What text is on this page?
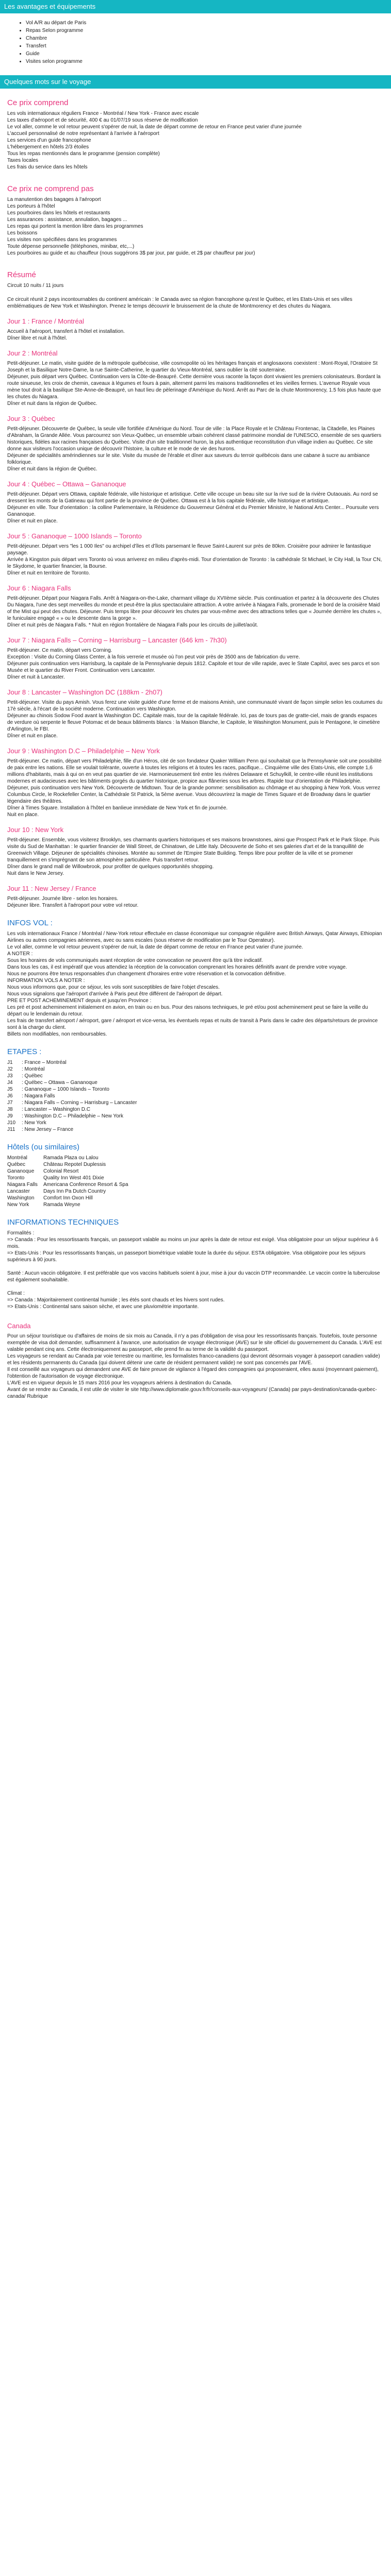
Les avantages et équipements
• Vol A/R au départ de Paris
• Repas Selon programme
• Chambre
• Transfert
• Guide
• Visites selon programme
Quelques mots sur le voyage
Ce prix comprend

Les vols internationaux réguliers France - Montréal / New York - France avec escale

Les taxes d'aéroport et de sécurité, 400 € au 01/07/19 sous réserve de modification

Le vol aller, comme le vol retour peuvent s'opérer de nuit, la date de départ comme de retour en France peut varier d'une journée

L'accueil personnalisé de notre représentant à l'arrivée à l'aéroport

Les services d'un guide francophone

L'hébergement en hôtels 2/3 étoiles

Tous les repas mentionnés dans le programme (pension complète)

Taxes locales

Les frais du service dans les hôtels

Ce prix ne comprend pas

La manutention des bagages à l'aéroport

Les porteurs à l'hôtel

Les pourboires dans les hôtels et restaurants

Les assurances : assistance, annulation, bagages ...

Les repas qui portent la mention libre dans les programmes

Les boissons

Les visites non spécifiées dans les programmes

Toute dépense personnelle (téléphones, minibar, etc,...)

Les pourboires au guide et au chauffeur (nous suggérons 3$ par jour, par guide, et 2$ par chauffeur par jour)

Résumé

Circuit 10 nuits / 11 jours

Ce circuit réunit 2 pays incontournables du continent américain : le Canada avec sa région francophone qu'est le Québec, et les Etats-Unis et ses villes emblématiques de New York et Washington. Prenez le temps découvrir le bruissement de la chute de Montmorency et des chutes du Niagara.

Jour 1 : France / Montréal

Accueil à l'aéroport, transfert à l'hôtel et installation.

Dîner libre et nuit à l'hôtel.

Jour 2 : Montréal

Petit-déjeuner. Le matin, visite guidée de la métropole québécoise, ville cosmopolite où les héritages français et anglosaxons coexistent : Mont-Royal, l'Oratoire St Joseph et la Basilique Notre-Dame, la rue Sainte-Catherine, le quartier du Vieux-Montréal, sans oublier la cité souterraine.

Déjeuner, puis départ vers Québec. Continuation vers la Côte-de-Beaupré. Cette dernière vous raconte la façon dont vivaient les premiers colonisateurs. Bordant la route sinueuse, les croix de chemin, caveaux à légumes et fours à pain, alternent parmi les maisons traditionnelles et les vieilles fermes. L'avenue Royale vous mène tout droit à la basilique Ste-Anne-de-Beaupré, un haut lieu de pèlerinage d'Amérique du Nord. Arrêt au Parc de la chute Montmorency, 1.5 fois plus haute que les chutes du Niagara.

Dîner et nuit dans la région de Québec.

Jour 3 : Québec

Petit-déjeuner. Découverte de Québec, la seule ville fortifiée d'Amérique du Nord. Tour de ville : la Place Royale et le Château Frontenac, la Citadelle, les Plaines d'Abraham, la Grande Allée. Vous parcourrez son Vieux-Québec, un ensemble urbain cohérent classé patrimoine mondial de l'UNESCO, ensemble de ses quartiers historiques, fidèles aux racines françaises du Québec. Visite d'un site traditionnel huron, la plus authentique reconstitution d'un village indien au Québec. Ce site donne aux visiteurs l'occasion unique de découvrir l'histoire, la culture et le mode de vie des hurons.

Déjeuner de spécialités amérindiennes sur le site. Visite du musée de l'érable et dîner aux saveurs du terroir québécois dans une cabane à sucre au ambiance folklorique.

Dîner et nuit dans la région de Québec.

Jour 4 : Québec – Ottawa – Gananoque

Petit-déjeuner. Départ vers Ottawa, capitale fédérale, ville historique et artistique. Cette ville occupe un beau site sur la rive sud de la rivière Outaouais. Au nord se dressent les monts de la Gatineau qui font partie de la province de Québec. Ottawa est à la fois capitale fédérale, ville historique et artistique.

Déjeuner en ville. Tour d'orientation : la colline Parlementaire, la Résidence du Gouverneur Général et du Premier Ministre, le National Arts Center... Poursuite vers Gananoque.

Dîner et nuit en place.

Jour 5 : Gananoque – 1000 Islands – Toronto

Petit-déjeuner. Départ vers "les 1 000 Iles" ou archipel d'îles et d'îlots parsemant le fleuve Saint-Laurent sur près de 80km. Croisière pour admirer le fantastique paysage.

Arrivée à Kingston puis départ vers Toronto où vous arriverez en milieu d'après-midi. Tour d'orientation de Toronto : la cathédrale St Michael, le City Hall, la Tour CN, le Skydome, le quartier financier, la Bourse.

Dîner et nuit en territoire de Toronto.

Jour 6 : Niagara Falls

Petit-déjeuner. Départ pour Niagara Falls. Arrêt à Niagara-on-the-Lake, charmant village du XVIIème siècle. Puis continuation et partez à la découverte des Chutes Du Niagara, l'une des sept merveilles du monde et peut-être la plus spectaculaire attraction. A votre arrivée à Niagara Falls, promenade le bord de la croisière Maid of the Mist qui peut des chutes. Déjeuner. Puis temps libre pour découvrir les chutes par vous-même avec des attractions telles que « Journée derrière les chutes », le funiculaire engagé « » ou le descente dans la gorge ».

Dîner et nuit près de Niagara Falls. * Nuit en région frontalière de Niagara Falls pour les circuits de juillet/août.

Jour 7 : Niagara Falls – Corning – Harrisburg – Lancaster (646 km - 7h30)

Petit-déjeuner. Ce matin, départ vers Corning.

Exception : Visite du Corning Glass Center, à la fois verrerie et musée où l'on peut voir près de 3500 ans de fabrication du verre.

Déjeuner puis continuation vers Harrisburg, la capitale de la Pennsylvanie depuis 1812. Capitole et tour de ville rapide, avec le State Capitol, avec ses parcs et son Musée et le quartier du River Front. Continuation vers Lancaster.

Dîner et nuit à Lancaster.

Jour 8 : Lancaster – Washington DC (188km - 2h07)

Petit-déjeuner. Visite du pays Amish. Vous ferez une visite guidée d'une ferme et de maisons Amish, une communauté vivant de façon simple selon les coutumes du 17è siècle, à l'écart de la société moderne. Continuation vers Washington.

Déjeuner au chinois Sodow Food avant la Washington DC. Capitale mais, tour de la capitale fédérale. Ici, pas de tours pas de gratte-ciel, mais de grands espaces de verdure où serpente le fleuve Potomac et de beaux bâtiments blancs : la Maison Blanche, le Capitole, le Washington Monument, puis le Pentagone, le cimetière d'Arlington, le FBI.

Dîner et nuit en place.

Jour 9 : Washington D.C – Philadelphie – New York

Petit-déjeuner. Ce matin, départ vers Philadelphie, fille d'un Héros, cité de son fondateur Quaker William Penn qui souhaitait que la Pennsylvanie soit une possibilité de paix entre les nations. Elle se voulait tolérante, ouverte à toutes les religions et à toutes les races, pacifique... Cinquième ville des Etats-Unis, elle compte 1,6 millions d'habitants, mais à qui on en veut pas quartier de vie. Harmonieusement tiré entre les rivières Delaware et Schuylkill, le centre-ville réunit les institutions modernes et audacieuses avec les bâtiments gorgés du quartier historique, propice aux flâneries sous les arbres. Rapide tour d'orientation de Philadelphie. Déjeuner, puis continuation vers New York. Découverte de Midtown. Tour de la grande pomme: sensibilisation au chômage et au shopping à New York. Vous verrez Columbus Circle, le Rockefeller Center, la Cathédrale St Patrick, la 5ème avenue. Vous découvrirez la magie de Times Square et de Broadway dans le quartier légendaire des théâtres.

Dîner à Times Square. Installation à l'hôtel en banlieue immédiate de New York et fin de journée.

Nuit en place.

Jour 10 : New York

Petit-déjeuner. Ensemble, vous visiterez Brooklyn, ses charmants quartiers historiques et ses maisons brownstones, ainsi que Prospect Park et le Park Slope. Puis visite du Sud de Manhattan : le quartier financier de Wall Street, de Chinatown, de Little Italy. Découverte de Soho et ses galeries d'art et de la tranquillité de Greenwich Village. Déjeuner de spécialités chinoises. Montée au sommet de l'Empire State Building. Temps libre pour profiter de la ville et se promener tranquillement en s'imprégnant de son atmosphère particulière. Puis transfert retour.

Dîner dans le grand mall de Willowbrook, pour profiter de quelques opportunités shopping.

Nuit dans le New Jersey.

Jour 11 : New Jersey / France

Petit-déjeuner. Journée libre - selon les horaires.

Déjeuner libre. Transfert à l'aéroport pour votre vol retour.

INFOS VOL :

Les vols internationaux France / Montréal / New-York retour effectuée en classe économique sur compagnie régulière avec British Airways, Qatar Airways, Ethiopian Airlines ou autres compagnies aériennes, avec ou sans escales (sous réserve de modification par le Tour Operateur).

Le vol aller, comme le vol retour peuvent s'opérer de nuit, la date de départ comme de retour en France peut varier d'une journée.

A NOTER :

Sous les horaires de vols communiqués avant réception de votre convocation ne peuvent être qu'à titre indicatif.

Dans tous les cas, il est impératif que vous attendiez la réception de la convocation comprenant les horaires définitifs avant de prendre votre voyage.

Nous ne pourrons être tenus responsables d'un changement d'horaires entre votre réservation et la convocation définitive.

INFORMATION VOLS A NOTER :

Nous vous informons que, pour ce séjour, les vols sont susceptibles de faire l'objet d'escales.

Nous vous signalons que l'aéroport d'arrivée à Paris peut être différent de l'aéroport de départ.

PRE ET POST ACHEMINEMENT depuis et jusqu'en Province :

Les pré et post acheminement initialement en avion, en train ou en bus. Pour des raisons techniques, le pré et/ou post acheminement peut se faire la veille du départ ou le lendemain du retour.

Les frais de transfert aéroport / aéroport, gare / aéroport et vice-versa, les éventuels repas et nuits de transit à Paris dans le cadre des départs/retours de province sont à la charge du client.

Billets non modifiables, non remboursables.

ETAPES :
J1	: France – Montréal
J2	: Montréal
J3	: Québec
J4	: Québec – Ottawa – Gananoque
J5	: Gananoque – 1000 Islands – Toronto
J6	: Niagara Falls
J7	: Niagara Falls – Corning – Harrisburg – Lancaster
J8	: Lancaster – Washington D.C
J9	: Washington D.C – Philadelphie – New York
J10	: New York
J11	: New Jersey – France
Hôtels (ou similaires)
Montréal	Ramada Plaza ou Lalou
Québec	Château Repotel Duplessis
Gananoque	Colonial Resort
Toronto	Quality Inn West 401 Dixie
Niagara Falls	Americana Conference Resort & Spa
Lancaster	Days Inn Pa Dutch Country
Washington	Comfort Inn Oxon Hill
New York	Ramada Weyne
INFORMATIONS TECHNIQUES

Formalités :

=> Canada : Pour les ressortissants français, un passeport valable au moins un jour après la date de retour est exigé. Visa obligatoire pour un séjour supérieur à 6 mois.

=> Etats-Unis : Pour les ressortissants français, un passeport biométrique valable toute la durée du séjour. ESTA obligatoire. Visa obligatoire pour les séjours supérieurs à 90 jours.

Santé : Aucun vaccin obligatoire. Il est préférable que vos vaccins habituels soient à jour, mise à jour du vaccin DTP recommandée. Le vaccin contre la tuberculose est également souhaitable.

Climat :

=> Canada : Majoritairement continental humide ; les étés sont chauds et les hivers sont rudes.

=> Etats-Unis : Continental sans saison sèche, et avec une pluviométrie importante.

Canada

Pour un séjour touristique ou d'affaires de moins de six mois au Canada, il n'y a pas d'obligation de visa pour les ressortissants français. Toutefois, toute personne exemptée de visa doit demander, suffisamment à l'avance, une autorisation de voyage électronique (AVE) sur le site officiel du gouvernement du Canada. L'AVE est valable pendant cinq ans. Cette électroniquement au passeport, elle prend fin au terme de la validité du passeport.

Les voyageurs se rendant au Canada par voie terrestre ou maritime, les formalistes franco-canadiens (qui devront désormais voyager à passeport canadien valide) et les résidents permanents du Canada (qui doivent détenir une carte de résident permanent valide) ne sont pas concernés par l'AVE.

Il est conseillé aux voyageurs qui demandent une AVE de faire preuve de vigilance à l'égard des compagnies qui proposeraient, elles aussi (moyennant paiement), l'obtention de l'autorisation de voyage électronique.

L'AVE est en vigueur depuis le 15 mars 2016 pour les voyageurs aériens à destination du Canada.

Avant de se rendre au Canada, il est utile de visiter le site http://www.diplomatie.gouv.fr/fr/conseils-aux-voyageurs/ (Canada) par pays-destination/canada-quebec-canada/ Rubrique
